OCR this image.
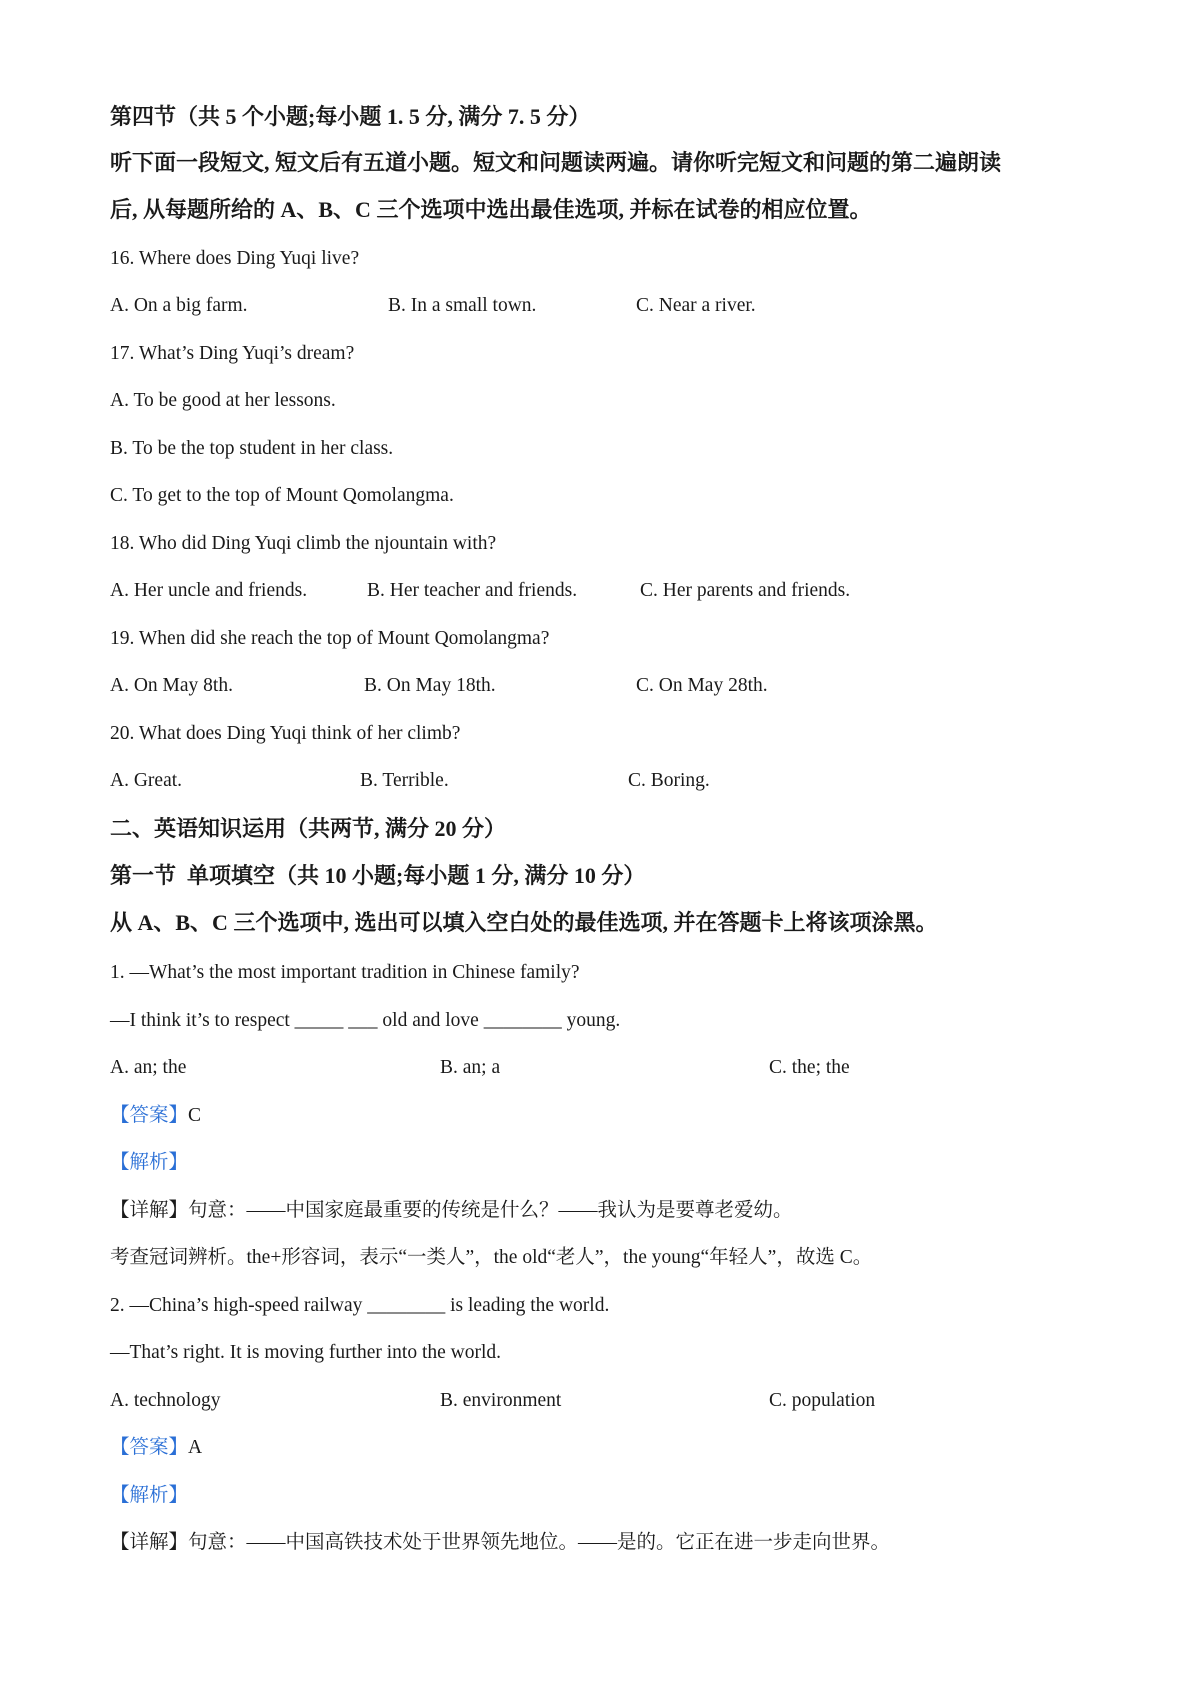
第四节（共 5 个小题;每小题 1. 5 分, 满分 7. 5 分）
听下面一段短文, 短文后有五道小题。短文和问题读两遍。请你听完短文和问题的第二遍朗读
后, 从每题所给的 A、B、C 三个选项中选出最佳选项, 并标在试卷的相应位置。
16. Where does Ding Yuqi live?
A. On a big farm.	B. In a small town.	C. Near a river.
17. What’s Ding Yuqi’s dream?
A. To be good at her lessons.
B. To be the top student in her class.
C. To get to the top of Mount Qomolangma.
18. Who did Ding Yuqi climb the njountain with?
A. Her uncle and friends.	B. Her teacher and friends.	C. Her parents and friends.
19. When did she reach the top of Mount Qomolangma?
A. On May 8th.	B. On May 18th.	C. On May 28th.
20. What does Ding Yuqi think of her climb?
A. Great.	B. Terrible.	C. Boring.
二、英语知识运用（共两节, 满分 20 分）
第一节  单项填空（共 10 小题;每小题 1 分, 满分 10 分）
从 A、B、C 三个选项中, 选出可以填入空白处的最佳选项, 并在答题卡上将该项涂黑。
1. —What’s the most important tradition in Chinese family?
—I think it’s to respect _____ ___ old and love ________ young.
A. an; the	B. an; a	C. the; the
【答案】C
【解析】
【详解】句意：——中国家庭最重要的传统是什么？——我认为是要尊老爱幼。
考查冠词辨析。the+形容词，表示“一类人”，the old“老人”，the young“年轻人”，故选 C。
2. —China’s high-speed railway ________ is leading the world.
—That’s right. It is moving further into the world.
A. technology	B. environment	C. population
【答案】A
【解析】
【详解】句意：——中国高铁技术处于世界领先地位。——是的。它正在进一步走向世界。
